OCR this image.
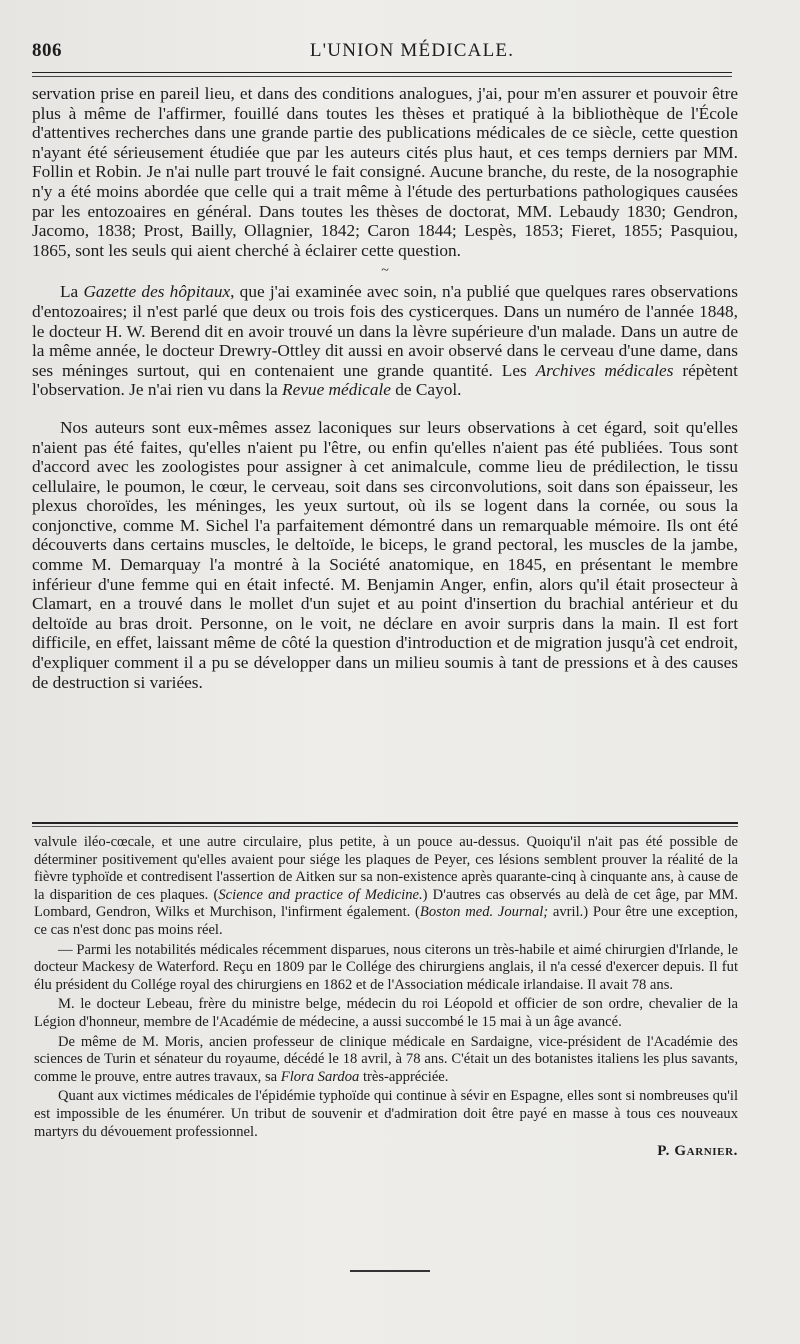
806	L'UNION MÉDICALE.

servation prise en pareil lieu, et dans des conditions analogues, j'ai, pour m'en assurer et pouvoir être plus à même de l'affirmer, fouillé dans toutes les thèses et pratiqué à la bibliothèque de l'École d'attentives recherches dans une grande partie des publications médicales de ce siècle, cette question n'ayant été sérieusement étudiée que par les auteurs cités plus haut, et ces temps derniers par MM. Follin et Robin. Je n'ai nulle part trouvé le fait consigné. Aucune branche, du reste, de la nosographie n'y a été moins abordée que celle qui a trait même à l'étude des perturbations pathologiques causées par les entozoaires en général. Dans toutes les thèses de doctorat, MM. Lebaudy 1830; Gendron, Jacomo, 1838; Prost, Bailly, Ollagnier, 1842; Caron 1844; Lespès, 1853; Fieret, 1855; Pasquiou, 1865, sont les seuls qui aient cherché à éclairer cette question.

~

La Gazette des hôpitaux, que j'ai examinée avec soin, n'a publié que quelques rares observations d'entozoaires; il n'est parlé que deux ou trois fois des cysticerques. Dans un numéro de l'année 1848, le docteur H. W. Berend dit en avoir trouvé un dans la lèvre supérieure d'un malade. Dans un autre de la même année, le docteur Drewry-Ottley dit aussi en avoir observé dans le cerveau d'une dame, dans ses méninges surtout, qui en contenaient une grande quantité. Les Archives médicales répètent l'observation. Je n'ai rien vu dans la Revue médicale de Cayol.

Nos auteurs sont eux-mêmes assez laconiques sur leurs observations à cet égard, soit qu'elles n'aient pas été faites, qu'elles n'aient pu l'être, ou enfin qu'elles n'aient pas été publiées. Tous sont d'accord avec les zoologistes pour assigner à cet animalcule, comme lieu de prédilection, le tissu cellulaire, le poumon, le cœur, le cerveau, soit dans ses circonvolutions, soit dans son épaisseur, les plexus choroïdes, les méninges, les yeux surtout, où ils se logent dans la cornée, ou sous la conjonctive, comme M. Sichel l'a parfaitement démontré dans un remarquable mémoire. Ils ont été découverts dans certains muscles, le deltoïde, le biceps, le grand pectoral, les muscles de la jambe, comme M. Demarquay l'a montré à la Société anatomique, en 1845, en présentant le membre inférieur d'une femme qui en était infecté. M. Benjamin Anger, enfin, alors qu'il était prosecteur à Clamart, en a trouvé dans le mollet d'un sujet et au point d'insertion du brachial antérieur et du deltoïde au bras droit. Personne, on le voit, ne déclare en avoir surpris dans la main. Il est fort difficile, en effet, laissant même de côté la question d'introduction et de migration jusqu'à cet endroit, d'expliquer comment il a pu se développer dans un milieu soumis à tant de pressions et à des causes de destruction si variées.

valvule iléo-cœcale, et une autre circulaire, plus petite, à un pouce au-dessus. Quoiqu'il n'ait pas été possible de déterminer positivement qu'elles avaient pour siége les plaques de Peyer, ces lésions semblent prouver la réalité de la fièvre typhoïde et contredisent l'assertion de Aitken sur sa non-existence après quarante-cinq à cinquante ans, à cause de la disparition de ces plaques. (Science and practice of Medicine.) D'autres cas observés au delà de cet âge, par MM. Lombard, Gendron, Wilks et Murchison, l'infirment également. (Boston med. Journal; avril.) Pour être une exception, ce cas n'est donc pas moins réel.

— Parmi les notabilités médicales récemment disparues, nous citerons un très-habile et aimé chirurgien d'Irlande, le docteur Mackesy de Waterford. Reçu en 1809 par le Collége des chirurgiens anglais, il n'a cessé d'exercer depuis. Il fut élu président du Collége royal des chirurgiens en 1862 et de l'Association médicale irlandaise. Il avait 78 ans.

M. le docteur Lebeau, frère du ministre belge, médecin du roi Léopold et officier de son ordre, chevalier de la Légion d'honneur, membre de l'Académie de médecine, a aussi succombé le 15 mai à un âge avancé.

De même de M. Moris, ancien professeur de clinique médicale en Sardaigne, vice-président de l'Académie des sciences de Turin et sénateur du royaume, décédé le 18 avril, à 78 ans. C'était un des botanistes italiens les plus savants, comme le prouve, entre autres travaux, sa Flora Sardoa très-appréciée.

Quant aux victimes médicales de l'épidémie typhoïde qui continue à sévir en Espagne, elles sont si nombreuses qu'il est impossible de les énumérer. Un tribut de souvenir et d'admiration doit être payé en masse à tous ces nouveaux martyrs du dévouement professionnel.

P. Garnier.
